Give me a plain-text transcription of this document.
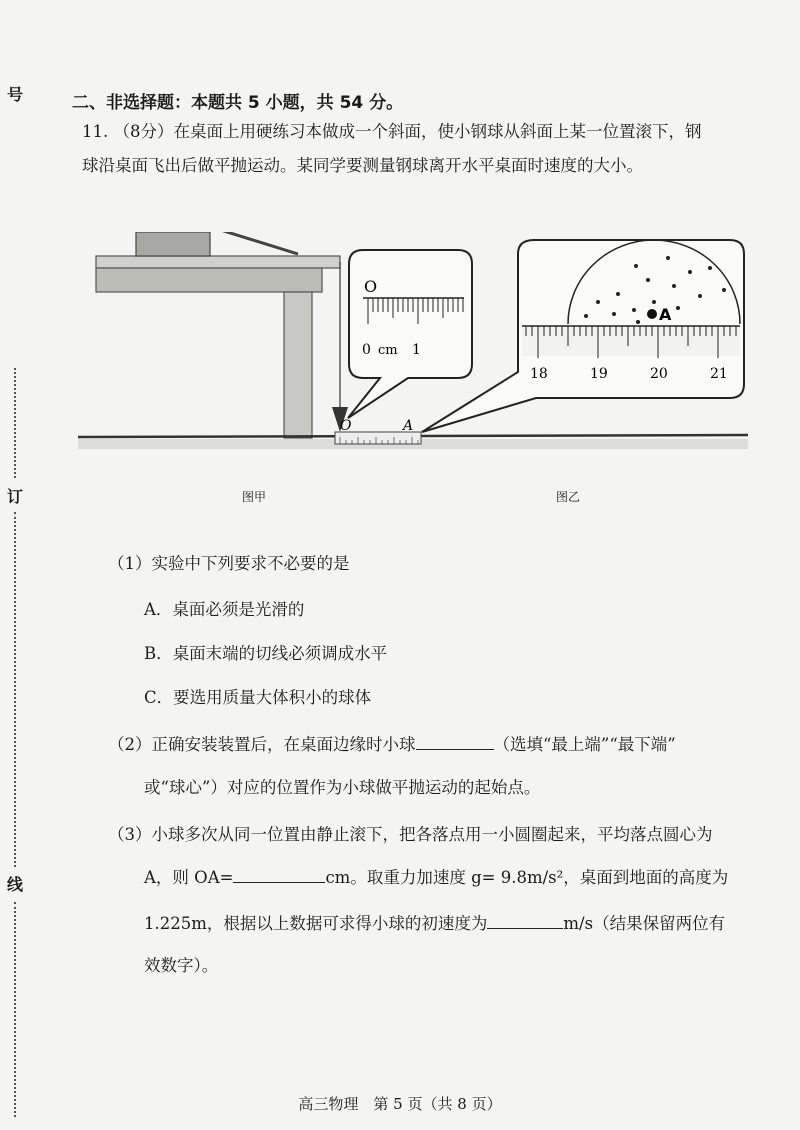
号
订
线
二、非选择题：本题共 5 小题，共 54 分。
11. （8分）在桌面上用硬练习本做成一个斜面，使小钢球从斜面上某一位置滚下，钢
球沿桌面飞出后做平抛运动。某同学要测量钢球离开水平桌面时速度的大小。
O	A
O
0 cm 1
A
18	19	20	21
图甲	图乙
（1）实验中下列要求不必要的是
A．桌面必须是光滑的
B．桌面末端的切线必须调成水平
C．要选用质量大体积小的球体
（2）正确安装装置后，在桌面边缘时小球	（选填“最上端”“最下端”
或“球心”）对应的位置作为小球做平抛运动的起始点。
（3）小球多次从同一位置由静止滚下，把各落点用一小圆圈起来，平均落点圆心为
A，则 OA=	cm。取重力加速度 g= 9.8m/s²，桌面到地面的高度为
1.225m，根据以上数据可求得小球的初速度为	m/s（结果保留两位有
效数字）。
高三物理　第 5 页（共 8 页）
